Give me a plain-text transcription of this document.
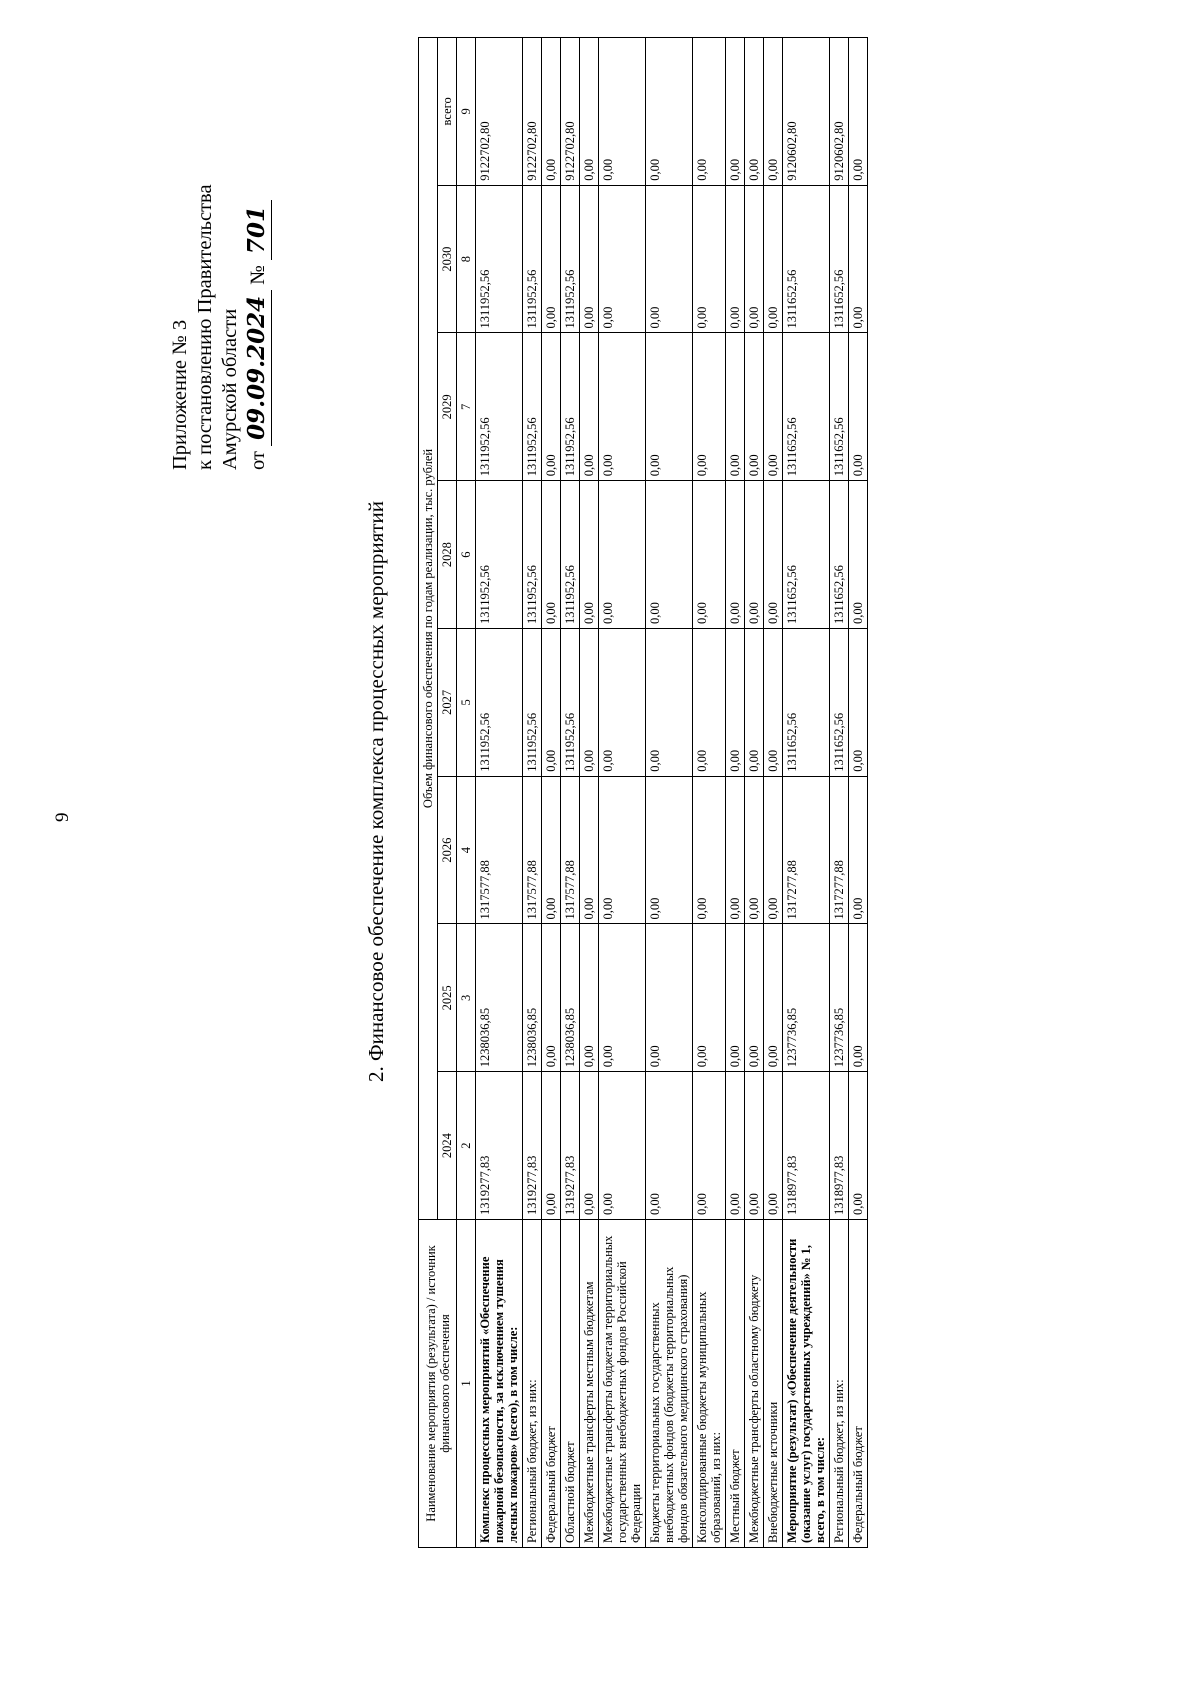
9
Приложение № 3 к постановлению Правительства Амурской области от 09.09.2024 № 701
2. Финансовое обеспечение комплекса процессных мероприятий
Наименование мероприятия (результата) / источник финансового обеспечения	Объем финансового обеспечения по годам реализации, тыс. рублей							
	2024	2025	2026	2027	2028	2029	2030	всего
1	2	3	4	5	6	7	8	9
Комплекс процессных мероприятий «Обеспечение пожарной безопасности, за исключением тушения лесных пожаров» (всего), в том числе:	1319277,83	1238036,85	1317577,88	1311952,56	1311952,56	1311952,56	1311952,56	9122702,80
Региональный бюджет, из них:	1319277,83	1238036,85	1317577,88	1311952,56	1311952,56	1311952,56	1311952,56	9122702,80
Федеральный бюджет	0,00	0,00	0,00	0,00	0,00	0,00	0,00	0,00
Областной бюджет	1319277,83	1238036,85	1317577,88	1311952,56	1311952,56	1311952,56	1311952,56	9122702,80
Межбюджетные трансферты местным бюджетам	0,00	0,00	0,00	0,00	0,00	0,00	0,00	0,00
Межбюджетные трансферты бюджетам территориальных государственных внебюджетных фондов Российской Федерации	0,00	0,00	0,00	0,00	0,00	0,00	0,00	0,00
Бюджеты территориальных государственных внебюджетных фондов (бюджеты территориальных фондов обязательного медицинского страхования)	0,00	0,00	0,00	0,00	0,00	0,00	0,00	0,00
Консолидированные бюджеты муниципальных образований, из них:	0,00	0,00	0,00	0,00	0,00	0,00	0,00	0,00
Местный бюджет	0,00	0,00	0,00	0,00	0,00	0,00	0,00	0,00
Межбюджетные трансферты областному бюджету	0,00	0,00	0,00	0,00	0,00	0,00	0,00	0,00
Внебюджетные источники	0,00	0,00	0,00	0,00	0,00	0,00	0,00	0,00
Мероприятие (результат) «Обеспечение деятельности (оказание услуг) государственных учреждений» № 1, всего, в том числе:	1318977,83	1237736,85	1317277,88	1311652,56	1311652,56	1311652,56	1311652,56	9120602,80
Региональный бюджет, из них:	1318977,83	1237736,85	1317277,88	1311652,56	1311652,56	1311652,56	1311652,56	9120602,80
Федеральный бюджет	0,00	0,00	0,00	0,00	0,00	0,00	0,00	0,00
